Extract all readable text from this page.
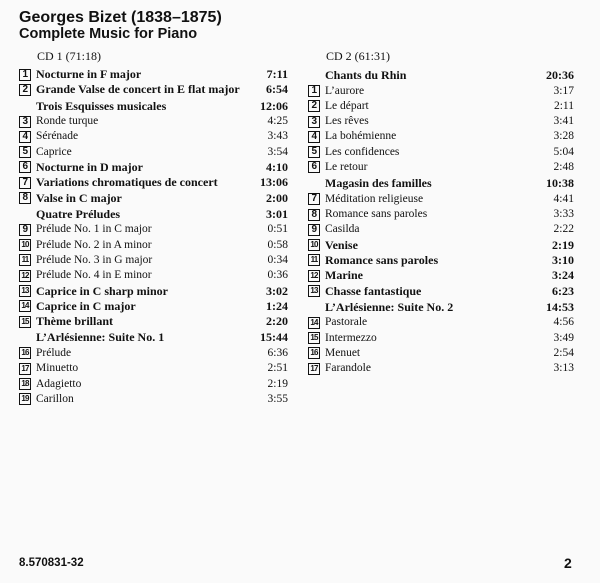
Georges Bizet (1838–1875)
Complete Music for Piano
CD 1 (71:18)
1 Nocturne in F major	7:11
2 Grande Valse de concert in E flat major 6:54
Trois Esquisses musicales	12:06
3 Ronde turque	4:25
4 Sérénade	3:43
5 Caprice	3:54
6 Nocturne in D major	4:10
7 Variations chromatiques de concert	13:06
8 Valse in C major	2:00
Quatre Préludes	3:01
9 Prélude No. 1 in C major	0:51
10 Prélude No. 2 in A minor	0:58
11 Prélude No. 3 in G major	0:34
12 Prélude No. 4 in E minor	0:36
13 Caprice in C sharp minor	3:02
14 Caprice in C major	1:24
15 Thème brillant	2:20
L’Arlésienne: Suite No. 1	15:44
16 Prélude	6:36
17 Minuetto	2:51
18 Adagietto	2:19
19 Carillon	3:55
CD 2 (61:31)
Chants du Rhin	20:36
1 L’aurore	3:17
2 Le départ	2:11
3 Les rêves	3:41
4 La bohémienne	3:28
5 Les confidences	5:04
6 Le retour	2:48
Magasin des familles	10:38
7 Méditation religieuse	4:41
8 Romance sans paroles	3:33
9 Casilda	2:22
10 Venise	2:19
11 Romance sans paroles	3:10
12 Marine	3:24
13 Chasse fantastique	6:23
L’Arlésienne: Suite No. 2	14:53
14 Pastorale	4:56
15 Intermezzo	3:49
16 Menuet	2:54
17 Farandole	3:13
8.570831-32	2
